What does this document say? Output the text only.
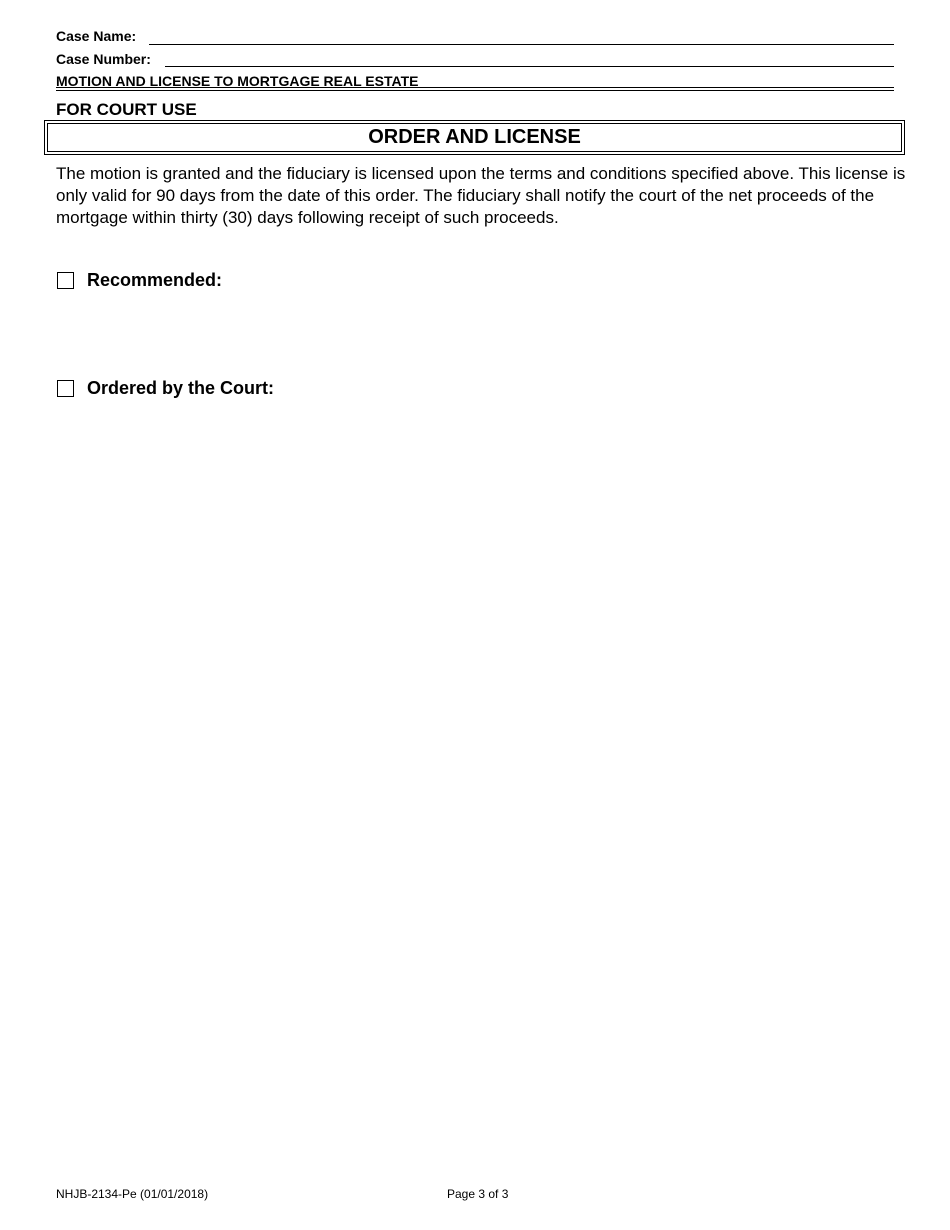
Case Name:
Case Number:
MOTION AND LICENSE TO MORTGAGE REAL ESTATE
FOR COURT USE
ORDER AND LICENSE
The motion is granted and the fiduciary is licensed upon the terms and conditions specified above. This license is only valid for 90 days from the date of this order. The fiduciary shall notify the court of the net proceeds of the mortgage within thirty (30) days following receipt of such proceeds.
Recommended:
Ordered by the Court:
NHJB-2134-Pe (01/01/2018)	Page 3 of 3
